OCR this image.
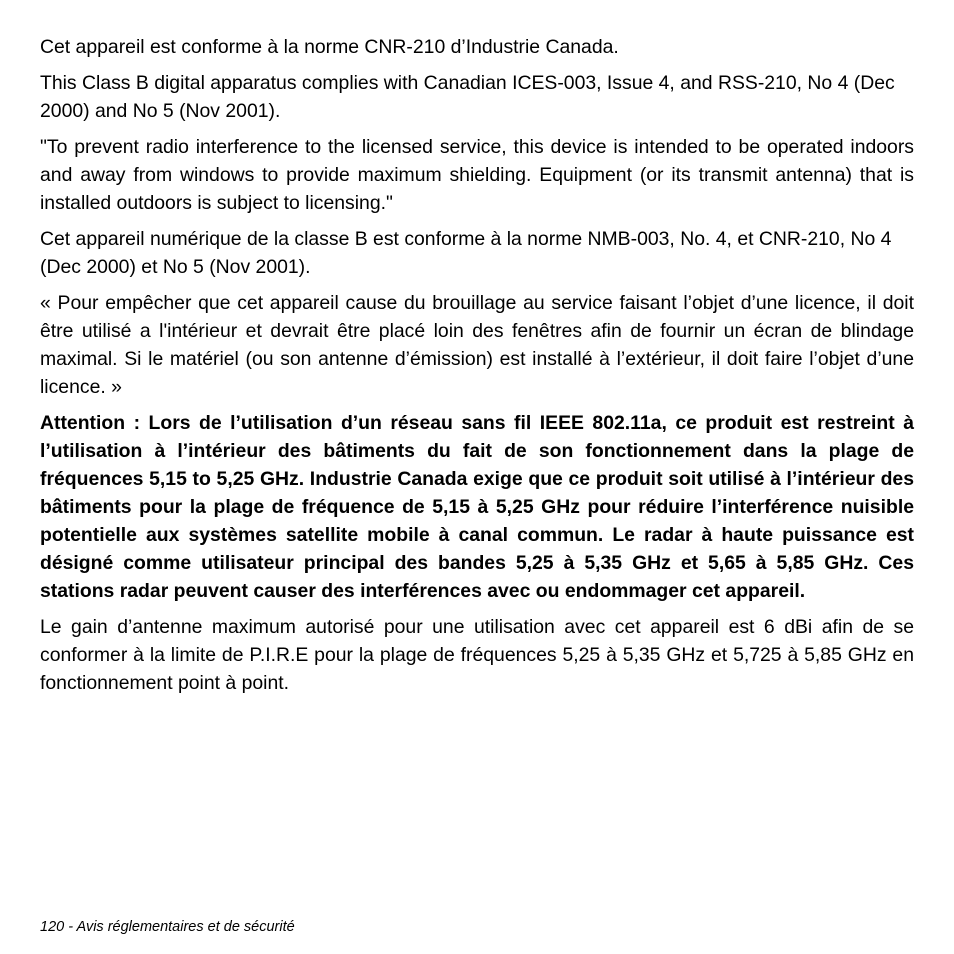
Cet appareil est conforme à la norme CNR-210 d’Industrie Canada.

This Class B digital apparatus complies with Canadian ICES-003, Issue 4, and RSS-210, No 4 (Dec 2000) and No 5 (Nov 2001).

"To prevent radio interference to the licensed service, this device is intended to be operated indoors and away from windows to provide maximum shielding. Equipment (or its transmit antenna) that is installed outdoors is subject to licensing."

Cet appareil numérique de la classe B est conforme à la norme NMB-003, No. 4, et CNR-210, No 4 (Dec 2000) et No 5 (Nov 2001).

« Pour empêcher que cet appareil cause du brouillage au service faisant l’objet d’une licence, il doit être utilisé a l'intérieur et devrait être placé loin des fenêtres afin de fournir un écran de blindage maximal. Si le matériel (ou son antenne d’émission) est installé à l’extérieur, il doit faire l’objet d’une licence. »

Attention : Lors de l’utilisation d’un réseau sans fil IEEE 802.11a, ce produit est restreint à l’utilisation à l’intérieur des bâtiments du fait de son fonctionnement dans la plage de fréquences 5,15 to 5,25 GHz. Industrie Canada exige que ce produit soit utilisé à l’intérieur des bâtiments pour la plage de fréquence de 5,15 à 5,25 GHz pour réduire l’interférence nuisible potentielle aux systèmes satellite mobile à canal commun. Le radar à haute puissance est désigné comme utilisateur principal des bandes 5,25 à 5,35 GHz et 5,65 à 5,85 GHz. Ces stations radar peuvent causer des interférences avec ou endommager cet appareil.

Le gain d’antenne maximum autorisé pour une utilisation avec cet appareil est 6 dBi afin de se conformer à la limite de P.I.R.E pour la plage de fréquences 5,25 à 5,35 GHz et 5,725 à 5,85 GHz en fonctionnement point à point.

120 - Avis réglementaires et de sécurité
